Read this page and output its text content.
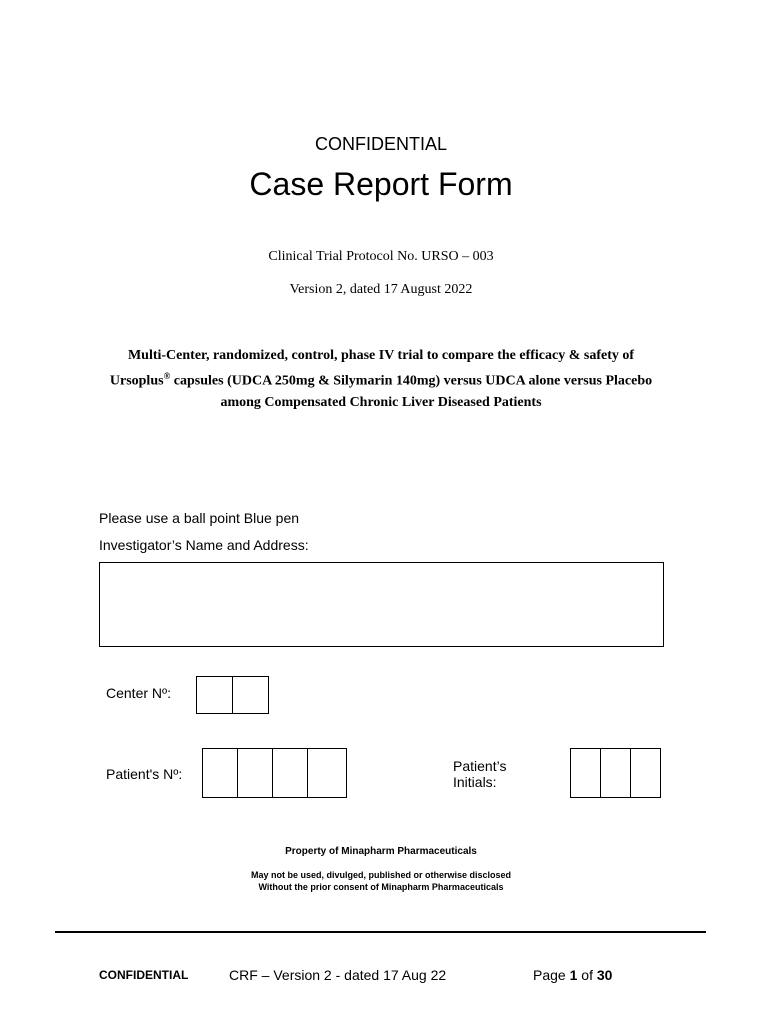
CONFIDENTIAL
Case Report Form
Clinical Trial Protocol No. URSO – 003
Version 2, dated 17 August 2022
Multi-Center, randomized, control, phase IV trial to compare the efficacy & safety of Ursoplus® capsules (UDCA 250mg & Silymarin 140mg) versus UDCA alone versus Placebo among Compensated Chronic Liver Diseased Patients
Please use a ball point Blue pen
Investigator’s Name and Address:
Center Nº:
Patient's Nº:	Patient’s
Initials:
Property of Minapharm Pharmaceuticals
May not be used, divulged, published or otherwise disclosed
Without the prior consent of Minapharm Pharmaceuticals
CONFIDENTIAL	CRF – Version 2 - dated 17 Aug 22	Page 1 of 30
